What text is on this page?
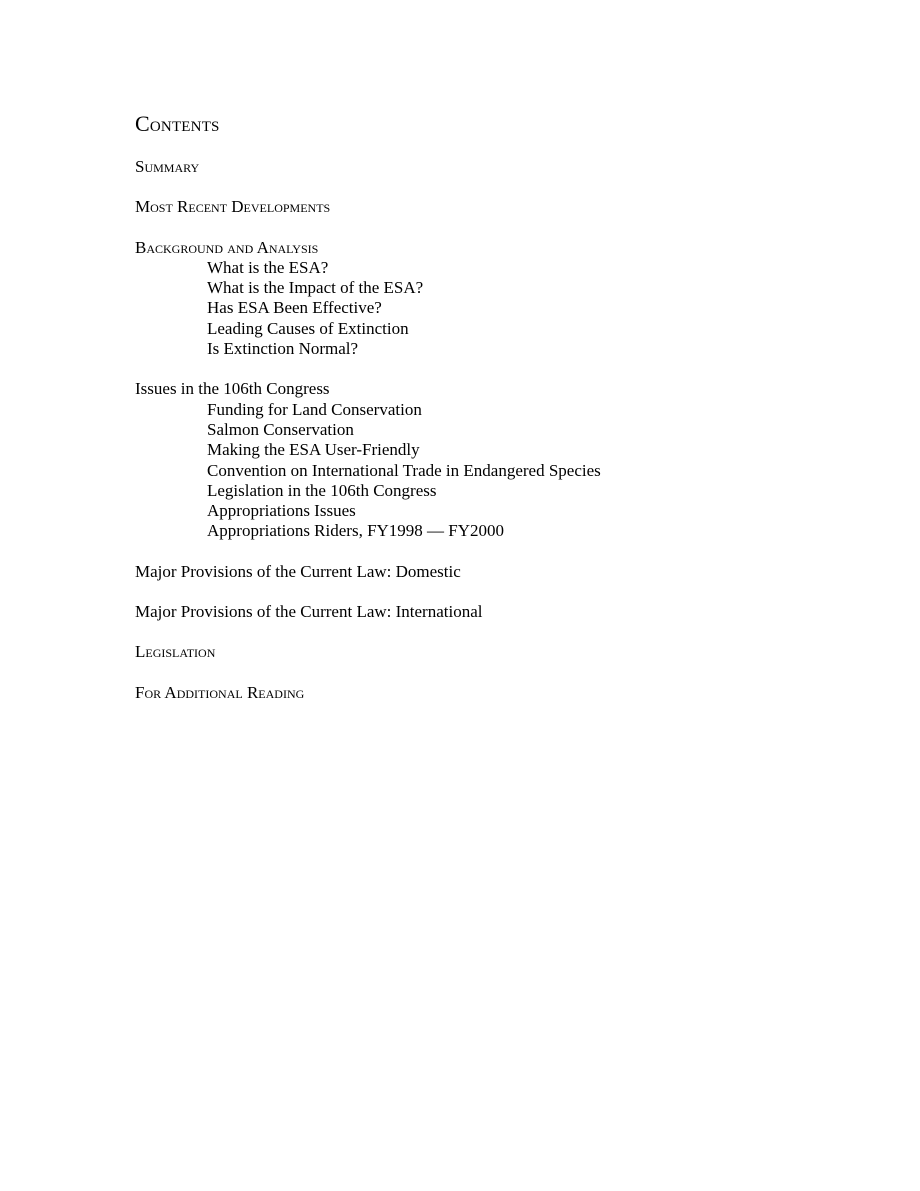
Contents
Summary
Most Recent Developments
Background and Analysis
What is the ESA?
What is the Impact of the ESA?
Has ESA Been Effective?
Leading Causes of Extinction
Is Extinction Normal?
Issues in the 106th Congress
Funding for Land Conservation
Salmon Conservation
Making the ESA User-Friendly
Convention on International Trade in Endangered Species
Legislation in the 106th Congress
Appropriations Issues
Appropriations Riders, FY1998 — FY2000
Major Provisions of the Current Law: Domestic
Major Provisions of the Current Law: International
Legislation
For Additional Reading
